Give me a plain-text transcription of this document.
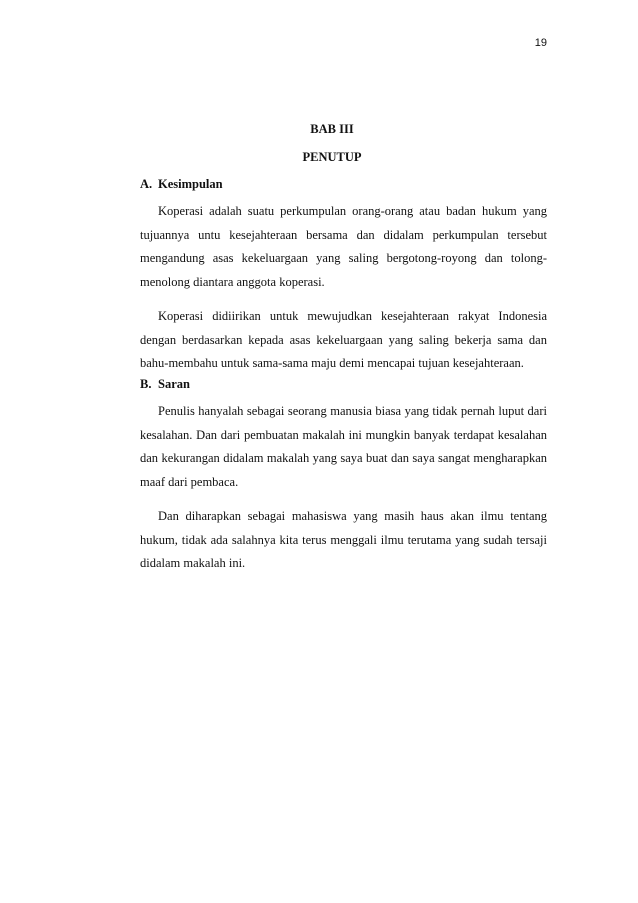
19
BAB III
PENUTUP
A. Kesimpulan

Koperasi adalah suatu perkumpulan orang-orang atau badan hukum yang tujuannya untu kesejahteraan bersama dan didalam perkumpulan tersebut mengandung asas kekeluargaan yang saling bergotong-royong dan tolong-menolong diantara anggota koperasi.

Koperasi didiirikan untuk mewujudkan kesejahteraan rakyat Indonesia dengan berdasarkan kepada asas kekeluargaan yang saling bekerja sama dan bahu-membahu untuk sama-sama maju demi mencapai tujuan kesejahteraan.

B. Saran

Penulis hanyalah sebagai seorang manusia biasa yang tidak pernah luput dari kesalahan. Dan dari pembuatan makalah ini mungkin banyak terdapat kesalahan dan kekurangan didalam makalah yang saya buat dan saya sangat mengharapkan maaf dari pembaca.

Dan diharapkan sebagai mahasiswa yang masih haus akan ilmu tentang hukum, tidak ada salahnya kita terus menggali ilmu terutama yang sudah tersaji didalam makalah ini.
